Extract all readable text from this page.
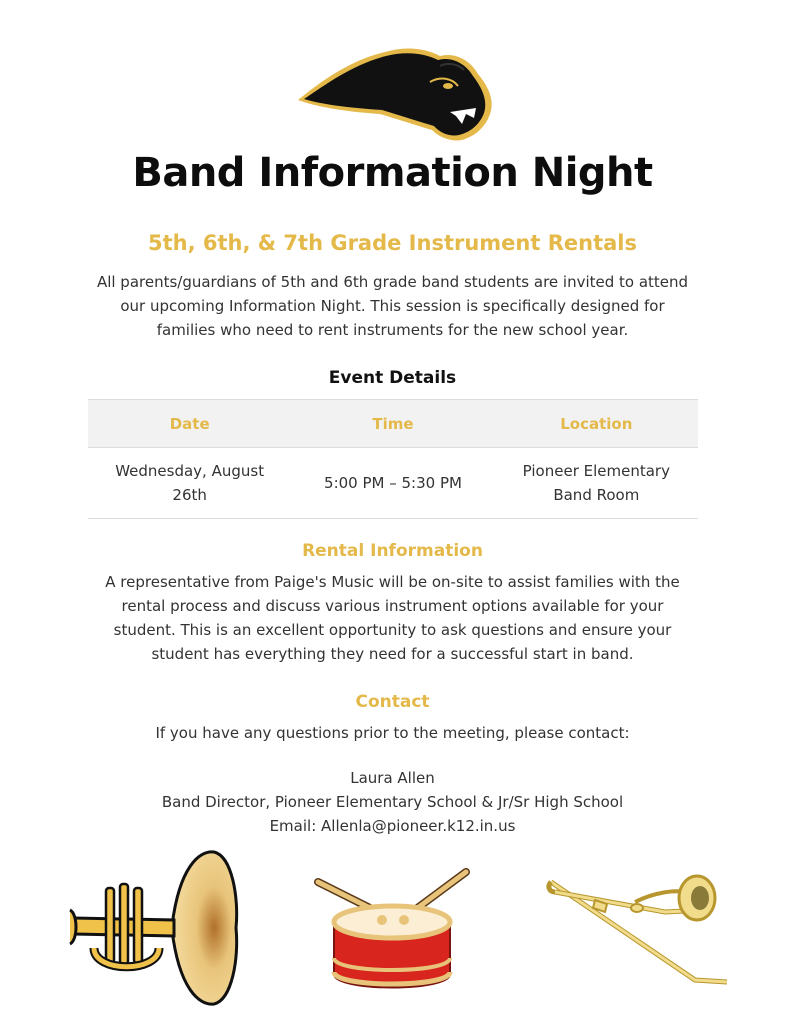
Band Information Night
5th, 6th, & 7th Grade Instrument Rentals
All parents/guardians of 5th and 6th grade band students are invited to attend our upcoming Information Night. This session is specifically designed for families who need to rent instruments for the new school year.
Event Details
Date	Time	Location
Wednesday, August 26th	5:00 PM – 5:30 PM	Pioneer Elementary Band Room
Rental Information
A representative from Paige's Music will be on-site to assist families with the rental process and discuss various instrument options available for your student. This is an excellent opportunity to ask questions and ensure your student has everything they need for a successful start in band.
Contact
If you have any questions prior to the meeting, please contact:
Laura Allen
Band Director, Pioneer Elementary School & Jr/Sr High School
Email: Allenla@pioneer.k12.in.us
